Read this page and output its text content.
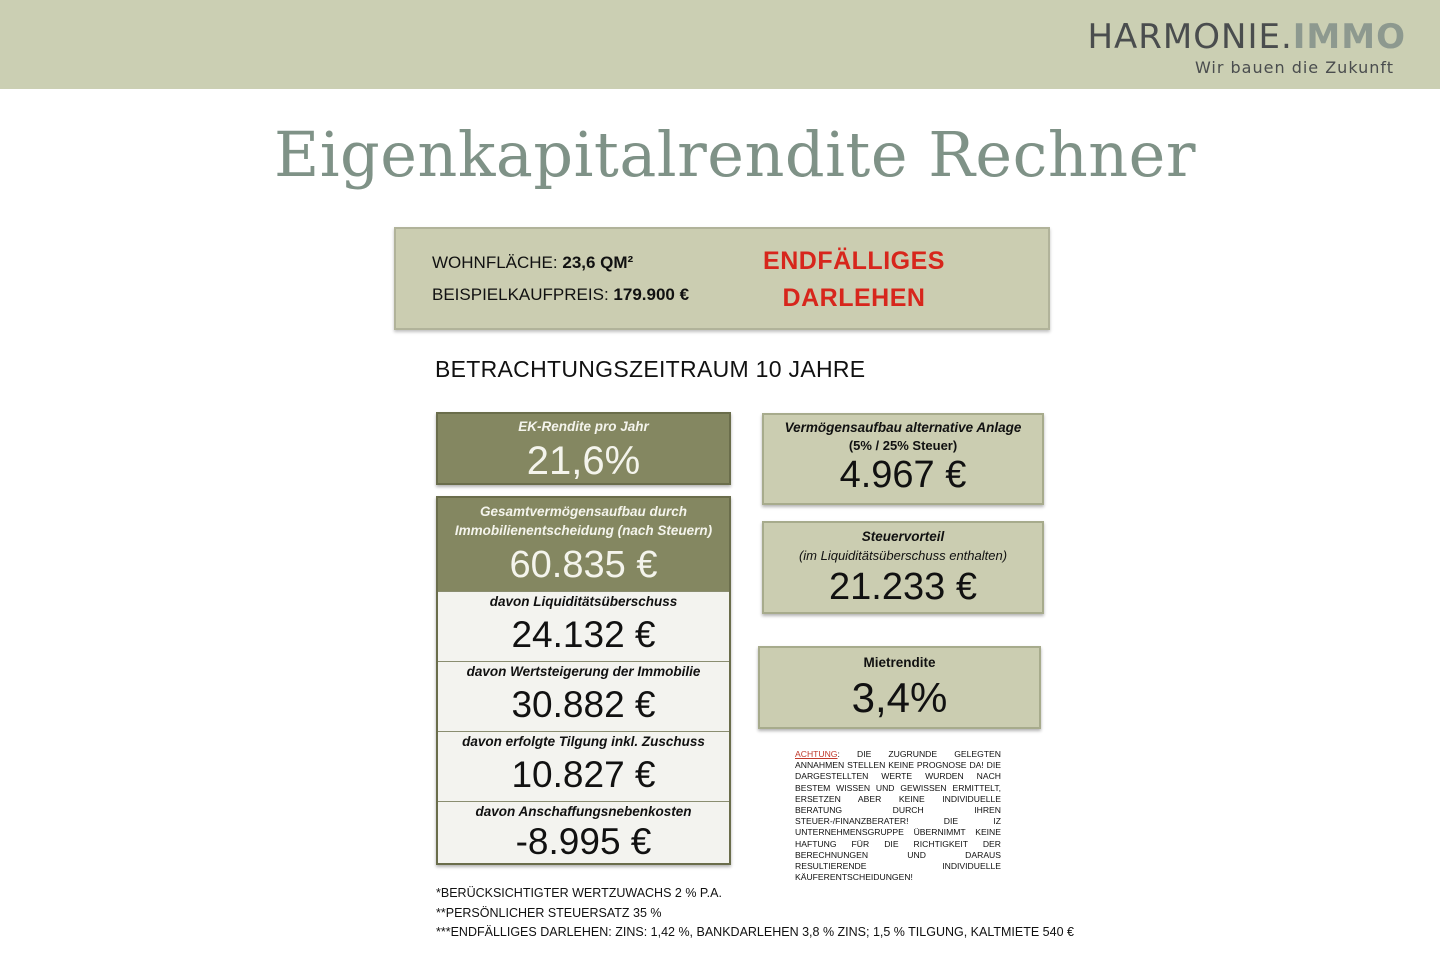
HARMONIE.IMMO
Wir bauen die Zukunft
Eigenkapitalrendite Rechner
WOHNFLÄCHE: 23,6 QM²
BEISPIELKAUFPREIS: 179.900 €
ENDFÄLLIGES
DARLEHEN
BETRACHTUNGSZEITRAUM 10 JAHRE
EK-Rendite pro Jahr
21,6%
Gesamtvermögensaufbau durch
Immobilienentscheidung (nach Steuern)
60.835 €
davon Liquiditätsüberschuss
24.132 €
davon Wertsteigerung der Immobilie
30.882 €
davon erfolgte Tilgung inkl. Zuschuss
10.827 €
davon Anschaffungsnebenkosten
-8.995 €
Vermögensaufbau alternative Anlage
(5% / 25% Steuer)
4.967 €
Steuervorteil
(im Liquiditätsüberschuss enthalten)
21.233 €
Mietrendite
3,4%
ACHTUNG: DIE ZUGRUNDE GELEGTEN ANNAHMEN STELLEN KEINE PROGNOSE DA! DIE DARGESTELLTEN WERTE WURDEN NACH BESTEM WISSEN UND GEWISSEN ERMITTELT, ERSETZEN ABER KEINE INDIVIDUELLE BERATUNG DURCH IHREN STEUER-/FINANZBERATER! DIE IZ UNTERNEHMENSGRUPPE ÜBERNIMMT KEINE HAFTUNG FÜR DIE RICHTIGKEIT DER BERECHNUNGEN UND DARAUS RESULTIERENDE INDIVIDUELLE KÄUFERENTSCHEIDUNGEN!
*BERÜCKSICHTIGTER WERTZUWACHS 2 % P.A.
**PERSÖNLICHER STEUERSATZ 35 %
***ENDFÄLLIGES DARLEHEN: ZINS: 1,42 %, BANKDARLEHEN 3,8 % ZINS; 1,5 % TILGUNG, KALTMIETE 540 €
